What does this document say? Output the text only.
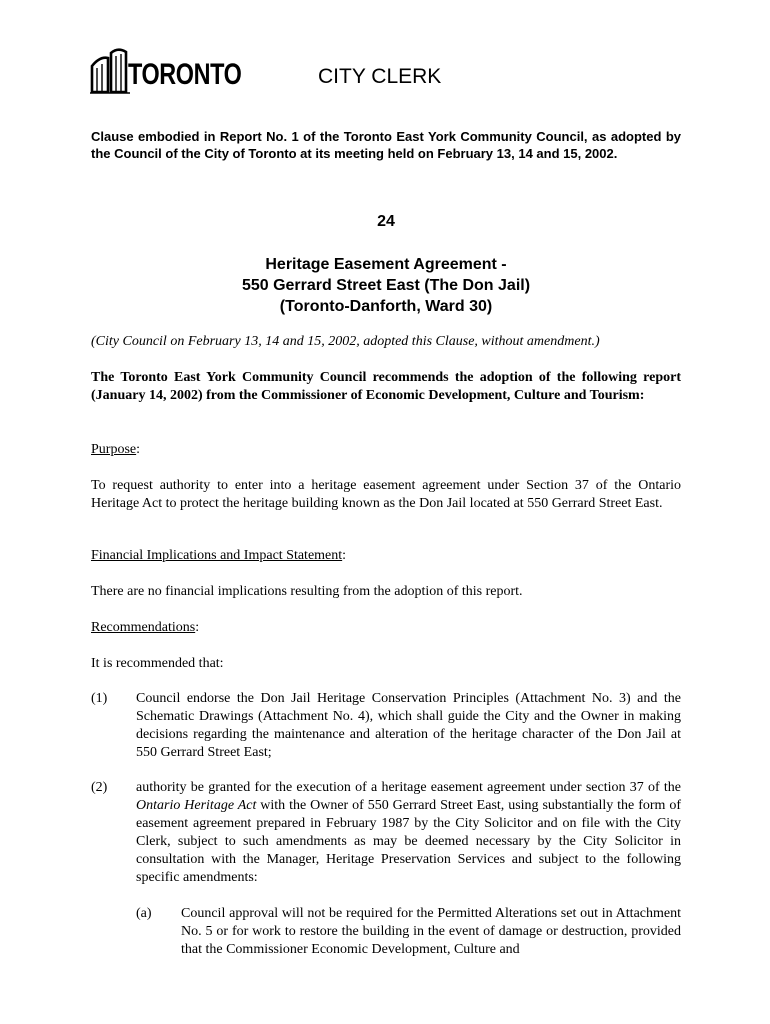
TORONTO	CITY CLERK
Clause embodied in Report No. 1 of the Toronto East York Community Council, as adopted by the Council of the City of Toronto at its meeting held on February 13, 14 and 15, 2002.
24
Heritage Easement Agreement -
550 Gerrard Street East (The Don Jail)
(Toronto-Danforth, Ward 30)
(City Council on February 13, 14 and 15, 2002, adopted this Clause, without amendment.)
The Toronto East York Community Council recommends the adoption of the following report (January 14, 2002) from the Commissioner of Economic Development, Culture and Tourism:
Purpose:
To request authority to enter into a heritage easement agreement under Section 37 of the Ontario Heritage Act to protect the heritage building known as the Don Jail located at 550 Gerrard Street East.
Financial Implications and Impact Statement:
There are no financial implications resulting from the adoption of this report.
Recommendations:
It is recommended that:
(1) Council endorse the Don Jail Heritage Conservation Principles (Attachment No. 3) and the Schematic Drawings (Attachment No. 4), which shall guide the City and the Owner in making decisions regarding the maintenance and alteration of the heritage character of the Don Jail at 550 Gerrard Street East;
(2) authority be granted for the execution of a heritage easement agreement under section 37 of the Ontario Heritage Act with the Owner of 550 Gerrard Street East, using substantially the form of easement agreement prepared in February 1987 by the City Solicitor and on file with the City Clerk, subject to such amendments as may be deemed necessary by the City Solicitor in consultation with the Manager, Heritage Preservation Services and subject to the following specific amendments:
(a) Council approval will not be required for the Permitted Alterations set out in Attachment No. 5 or for work to restore the building in the event of damage or destruction, provided that the Commissioner Economic Development, Culture and
